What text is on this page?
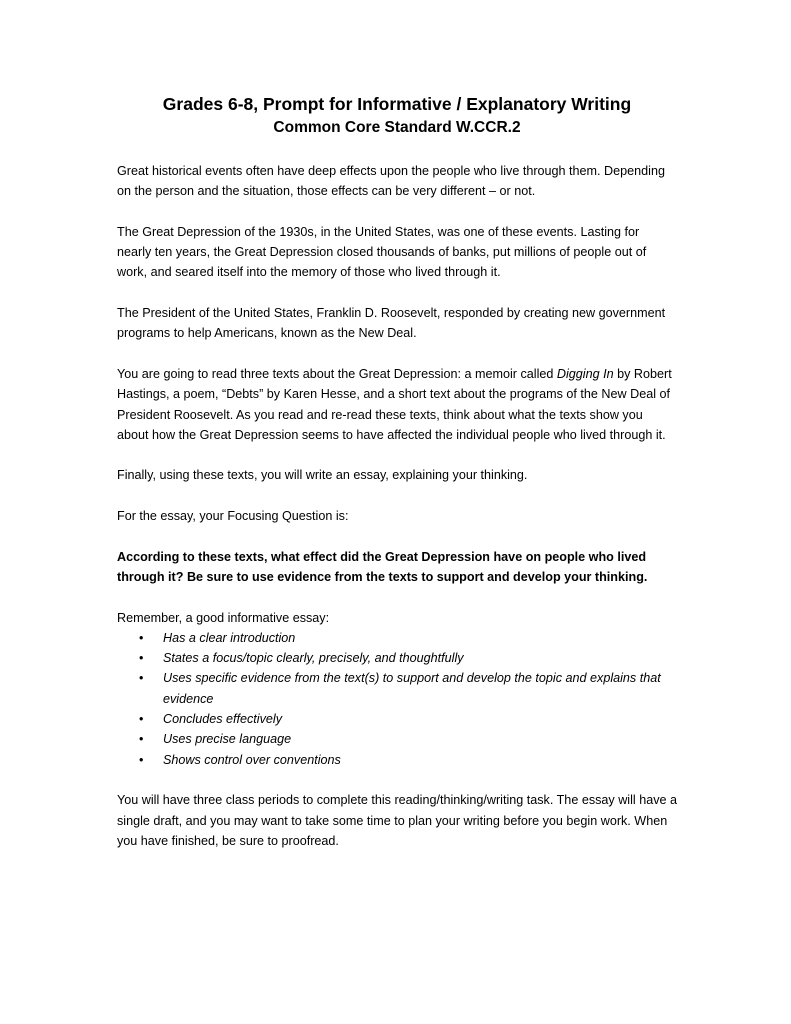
Grades 6-8, Prompt for Informative / Explanatory Writing
Common Core Standard W.CCR.2

Great historical events often have deep effects upon the people who live through them. Depending on the person and the situation, those effects can be very different – or not.

The Great Depression of the 1930s, in the United States, was one of these events. Lasting for nearly ten years, the Great Depression closed thousands of banks, put millions of people out of work, and seared itself into the memory of those who lived through it.

The President of the United States, Franklin D. Roosevelt, responded by creating new government programs to help Americans, known as the New Deal.

You are going to read three texts about the Great Depression: a memoir called Digging In by Robert Hastings, a poem, “Debts” by Karen Hesse, and a short text about the programs of the New Deal of President Roosevelt. As you read and re-read these texts, think about what the texts show you about how the Great Depression seems to have affected the individual people who lived through it.

Finally, using these texts, you will write an essay, explaining your thinking.

For the essay, your Focusing Question is:

According to these texts, what effect did the Great Depression have on people who lived through it? Be sure to use evidence from the texts to support and develop your thinking.

Remember, a good informative essay:
• Has a clear introduction
• States a focus/topic clearly, precisely, and thoughtfully
• Uses specific evidence from the text(s) to support and develop the topic and explains that evidence
• Concludes effectively
• Uses precise language
• Shows control over conventions

You will have three class periods to complete this reading/thinking/writing task. The essay will have a single draft, and you may want to take some time to plan your writing before you begin work. When you have finished, be sure to proofread.
